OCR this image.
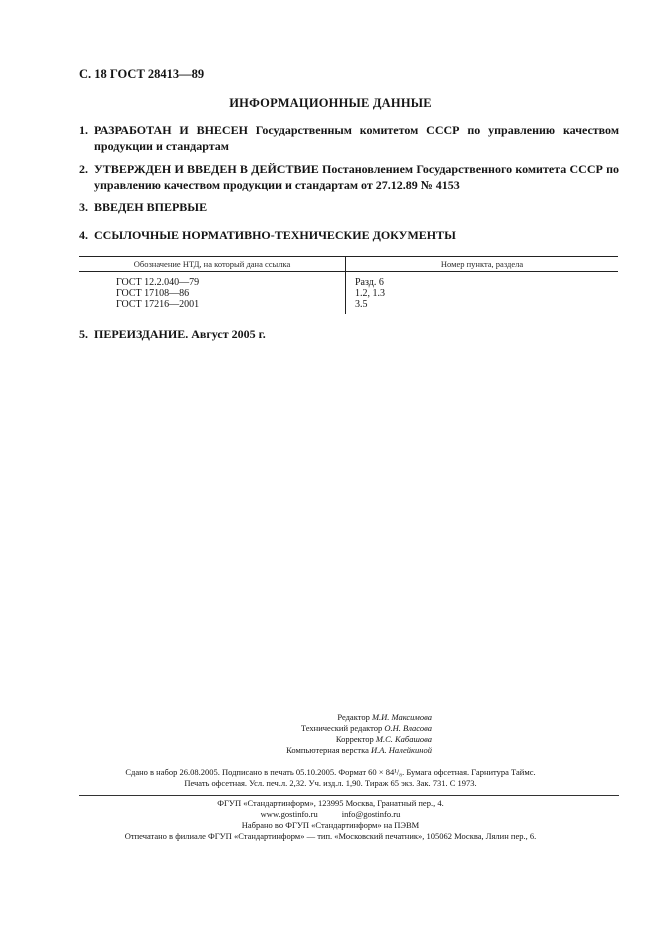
С. 18 ГОСТ 28413—89
ИНФОРМАЦИОННЫЕ ДАННЫЕ
1. РАЗРАБОТАН И ВНЕСЕН Государственным комитетом СССР по управлению качеством продукции и стандартам
2. УТВЕРЖДЕН И ВВЕДЕН В ДЕЙСТВИЕ Постановлением Государственного комитета СССР по управлению качеством продукции и стандартам от 27.12.89 № 4153
3. ВВЕДЕН ВПЕРВЫЕ
4. ССЫЛОЧНЫЕ НОРМАТИВНО-ТЕХНИЧЕСКИЕ ДОКУМЕНТЫ
Обозначение НТД, на который дана ссылка	Номер пункта, раздела
ГОСТ 12.2.040—79	Разд. 6
ГОСТ 17108—86	1.2, 1.3
ГОСТ 17216—2001	3.5
5. ПЕРЕИЗДАНИЕ. Август 2005 г.
Редактор М.И. Максимова
Технический редактор О.Н. Власова
Корректор М.С. Кабашова
Компьютерная верстка И.А. Налейкиной
Сдано в набор 26.08.2005. Подписано в печать 05.10.2005. Формат 60 × 84¹/₈. Бумага офсетная. Гарнитура Таймс.
Печать офсетная. Усл. печ.л. 2,32. Уч. изд.л. 1,90. Тираж 65 экз. Зак. 731. С 1973.
ФГУП «Стандартинформ», 123995 Москва, Гранатный пер., 4.
www.gostinfo.ru	info@gostinfo.ru
Набрано во ФГУП «Стандартинформ» на ПЭВМ
Отпечатано в филиале ФГУП «Стандартинформ» — тип. «Московский печатник», 105062 Москва, Лялин пер., 6.
